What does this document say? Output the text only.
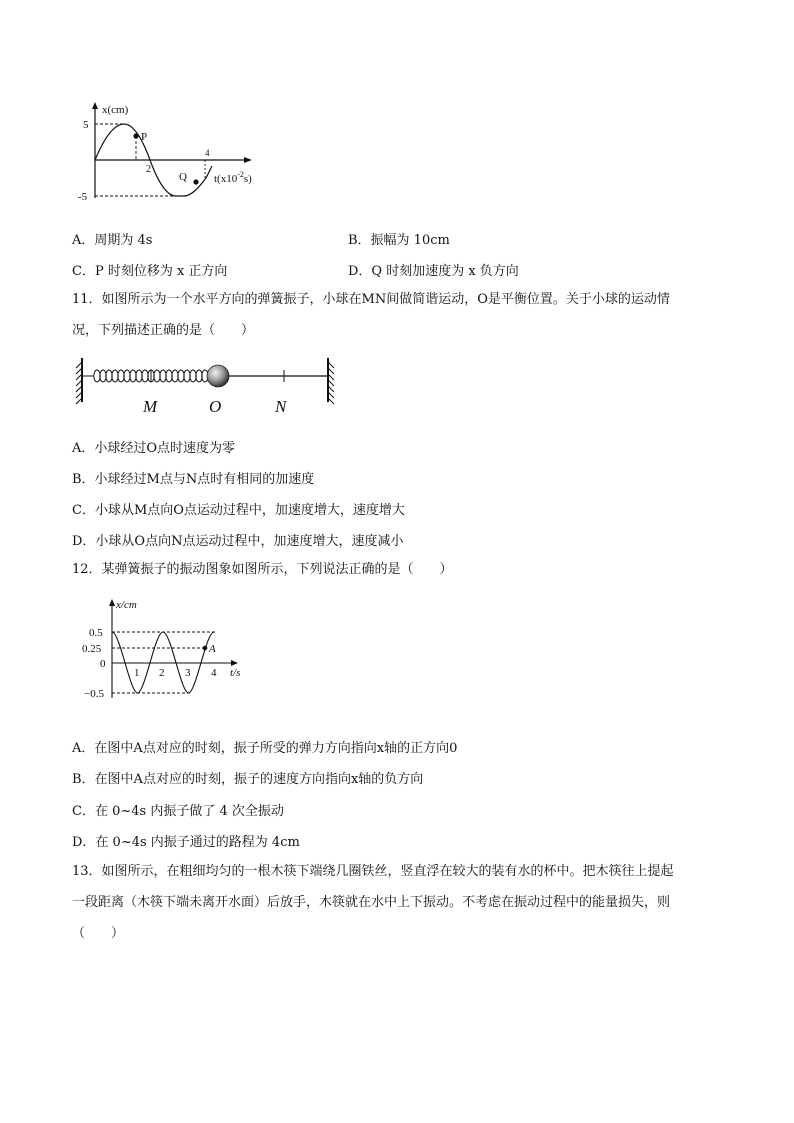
x(cm)
5
-5
2
4
P
Q $t(x10^{-2}s)$
A．周期为 4s	B．振幅为 10cm
C．P 时刻位移为 x 正方向	D．Q 时刻加速度为 x 负方向
11．如图所示为一个水平方向的弹簧振子，小球在MN间做简谐运动，O是平衡位置。关于小球的运动情
况，下列描述正确的是（　　）
M	O	N
A．小球经过O点时速度为零
B．小球经过M点与N点时有相同的加速度
C．小球从M点向O点运动过程中，加速度增大，速度增大
D．小球从O点向N点运动过程中，加速度增大，速度减小
12．某弹簧振子的振动图象如图所示，下列说法正确的是（　　）
x/cm
0.5
0.25
0
−0.5
1 2 3 4
A
t/s
A．在图中A点对应的时刻，振子所受的弹力方向指向x轴的正方向0
B．在图中A点对应的时刻，振子的速度方向指向x轴的负方向
C．在 0~4s 内振子做了 4 次全振动
D．在 0~4s 内振子通过的路程为 4cm
13．如图所示，在粗细均匀的一根木筷下端绕几圈铁丝，竖直浮在较大的装有水的杯中。把木筷往上提起
一段距离（木筷下端未离开水面）后放手，木筷就在水中上下振动。不考虑在振动过程中的能量损失，则
（　　）
